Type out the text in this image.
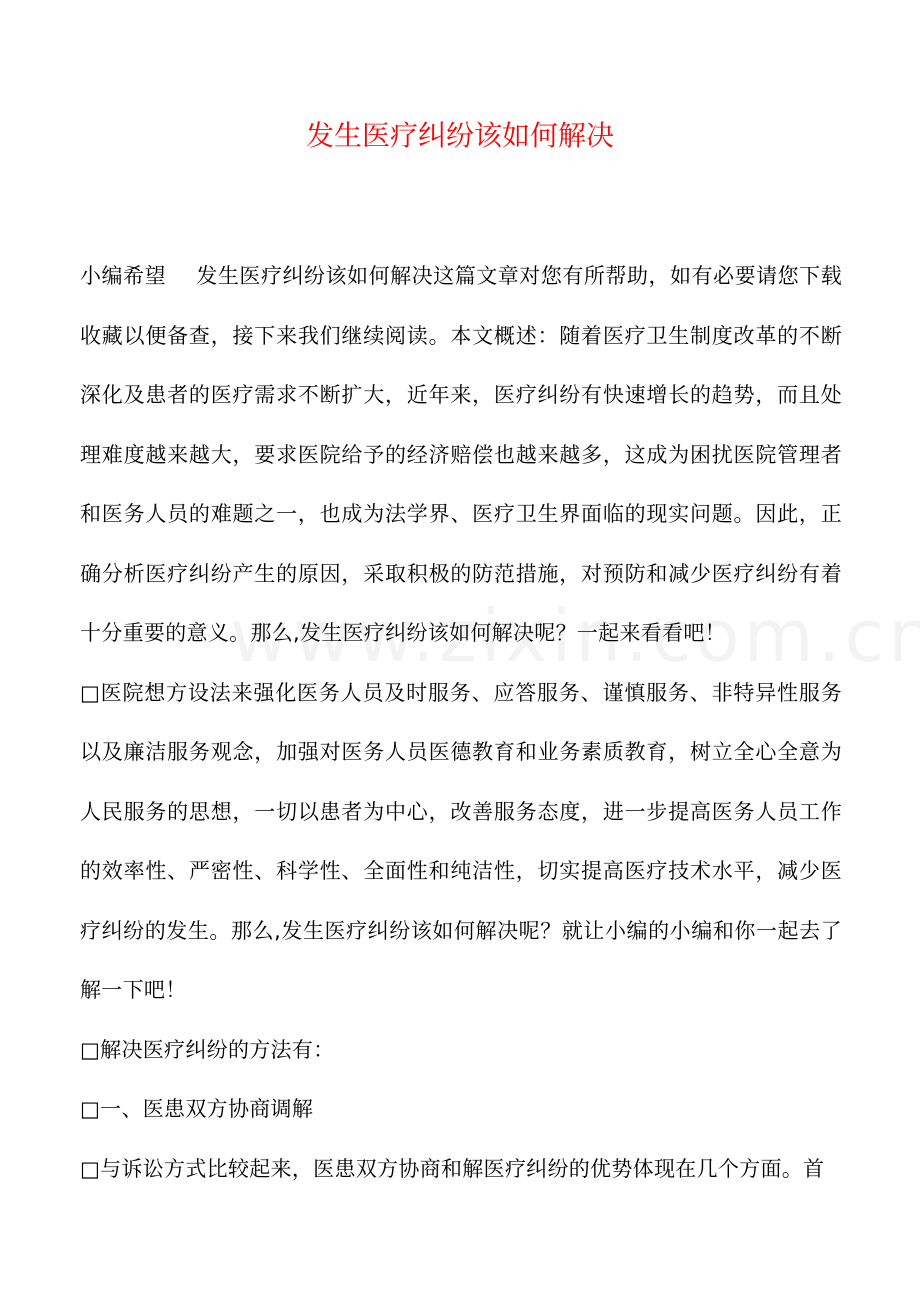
发生医疗纠纷该如何解决

小编希望 发生医疗纠纷该如何解决这篇文章对您有所帮助，如有必要请您下载收藏以便备查，接下来我们继续阅读。本文概述：随着医疗卫生制度改革的不断深化及患者的医疗需求不断扩大，近年来，医疗纠纷有快速增长的趋势，而且处理难度越来越大，要求医院给予的经济赔偿也越来越多，这成为困扰医院管理者和医务人员的难题之一，也成为法学界、医疗卫生界面临的现实问题。因此，正确分析医疗纠纷产生的原因，采取积极的防范措施，对预防和减少医疗纠纷有着十分重要的意义。那么,发生医疗纠纷该如何解决呢？一起来看看吧！

□医院想方设法来强化医务人员及时服务、应答服务、谨慎服务、非特异性服务以及廉洁服务观念，加强对医务人员医德教育和业务素质教育，树立全心全意为人民服务的思想，一切以患者为中心，改善服务态度，进一步提高医务人员工作的效率性、严密性、科学性、全面性和纯洁性，切实提高医疗技术水平，减少医疗纠纷的发生。那么,发生医疗纠纷该如何解决呢？就让小编的小编和你一起去了解一下吧！

□解决医疗纠纷的方法有：

□一、医患双方协商调解

□与诉讼方式比较起来，医患双方协商和解医疗纠纷的优势体现在几个方面。首
